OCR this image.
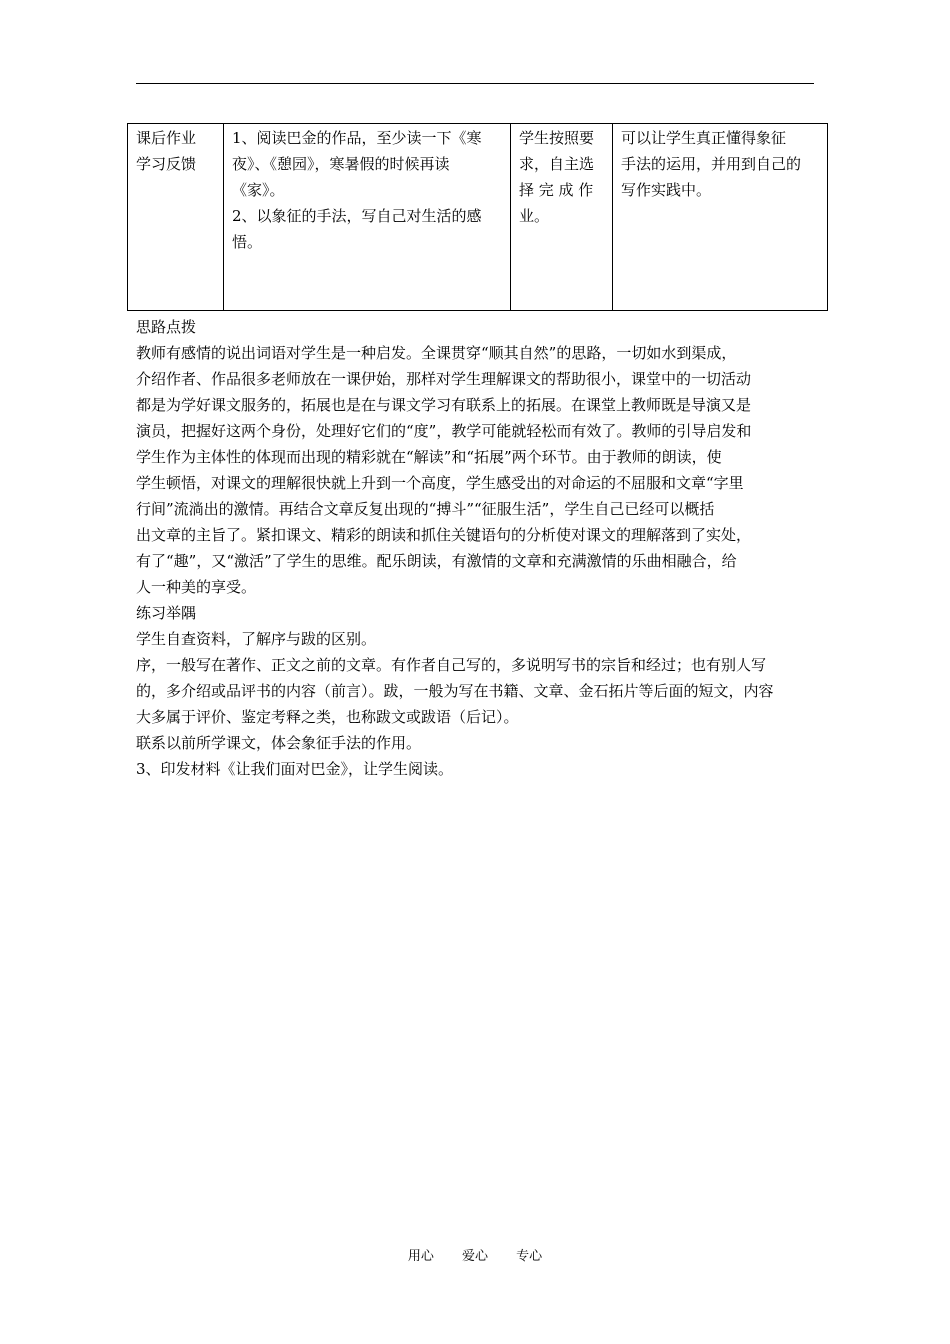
课后作业
学习反馈

1、阅读巴金的作品，至少读一下《寒
夜》、《憩园》，寒暑假的时候再读
《家》。
2、以象征的手法，写自己对生活的感
悟。

学生按照要
求，自主选
择 完 成 作
业。

可以让学生真正懂得象征
手法的运用，并用到自己的
写作实践中。
思路点拨
教师有感情的说出词语对学生是一种启发。全课贯穿“顺其自然”的思路，一切如水到渠成，
介绍作者、作品很多老师放在一课伊始，那样对学生理解课文的帮助很小，课堂中的一切活动
都是为学好课文服务的，拓展也是在与课文学习有联系上的拓展。在课堂上教师既是导演又是
演员，把握好这两个身份，处理好它们的“度”，教学可能就轻松而有效了。教师的引导启发和
学生作为主体性的体现而出现的精彩就在“解读”和“拓展”两个环节。由于教师的朗读，使
学生顿悟，对课文的理解很快就上升到一个高度，学生感受出的对命运的不屈服和文章“字里
行间”流淌出的激情。再结合文章反复出现的“搏斗”“征服生活”，学生自己已经可以概括
出文章的主旨了。紧扣课文、精彩的朗读和抓住关键语句的分析使对课文的理解落到了实处，
有了“趣”，又“激活”了学生的思维。配乐朗读，有激情的文章和充满激情的乐曲相融合，给
人一种美的享受。
练习举隅
学生自查资料，了解序与跋的区别。
序，一般写在著作、正文之前的文章。有作者自己写的，多说明写书的宗旨和经过；也有别人写
的，多介绍或品评书的内容（前言）。跋，一般为写在书籍、文章、金石拓片等后面的短文，内容
大多属于评价、鉴定考释之类，也称跋文或跋语（后记）。
联系以前所学课文，体会象征手法的作用。
3、印发材料《让我们面对巴金》，让学生阅读。
用心 爱心 专心
